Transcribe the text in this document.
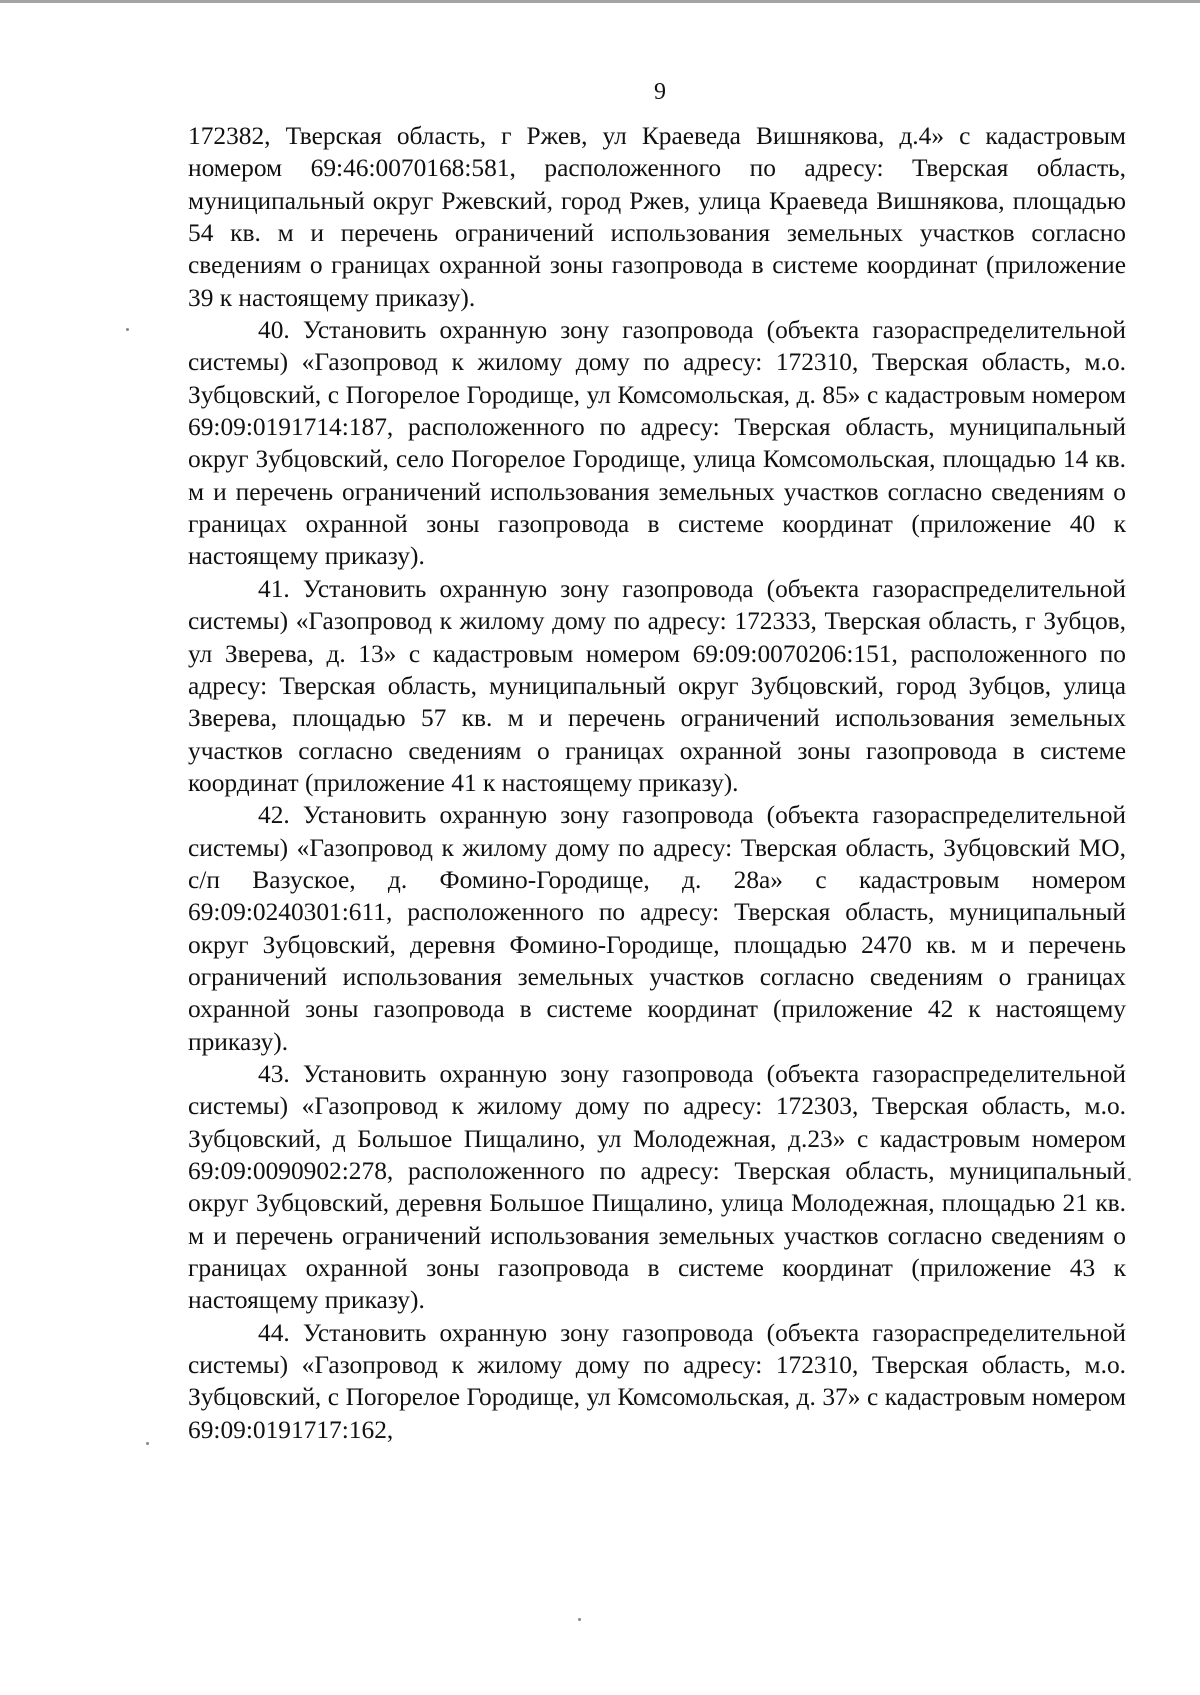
9

172382, Тверская область, г Ржев, ул Краеведа Вишнякова, д.4» с кадастровым номером 69:46:0070168:581, расположенного по адресу: Тверская область, муниципальный округ Ржевский, город Ржев, улица Краеведа Вишнякова, площадью 54 кв. м и перечень ограничений использования земельных участков согласно сведениям о границах охранной зоны газопровода в системе координат (приложение 39 к настоящему приказу).

40. Установить охранную зону газопровода (объекта газораспределительной системы) «Газопровод к жилому дому по адресу: 172310, Тверская область, м.о. Зубцовский, с Погорелое Городище, ул Комсомольская, д. 85» с кадастровым номером 69:09:0191714:187, расположенного по адресу: Тверская область, муниципальный округ Зубцовский, село Погорелое Городище, улица Комсомольская, площадью 14 кв. м и перечень ограничений использования земельных участков согласно сведениям о границах охранной зоны газопровода в системе координат (приложение 40 к настоящему приказу).

41. Установить охранную зону газопровода (объекта газораспределительной системы) «Газопровод к жилому дому по адресу: 172333, Тверская область, г Зубцов, ул Зверева, д. 13» с кадастровым номером 69:09:0070206:151, расположенного по адресу: Тверская область, муниципальный округ Зубцовский, город Зубцов, улица Зверева, площадью 57 кв. м и перечень ограничений использования земельных участков согласно сведениям о границах охранной зоны газопровода в системе координат (приложение 41 к настоящему приказу).

42. Установить охранную зону газопровода (объекта газораспределительной системы) «Газопровод к жилому дому по адресу: Тверская область, Зубцовский МО, с/п Вазуское, д. Фомино-Городище, д. 28а» с кадастровым номером 69:09:0240301:611, расположенного по адресу: Тверская область, муниципальный округ Зубцовский, деревня Фомино-Городище, площадью 2470 кв. м и перечень ограничений использования земельных участков согласно сведениям о границах охранной зоны газопровода в системе координат (приложение 42 к настоящему приказу).

43. Установить охранную зону газопровода (объекта газораспределительной системы) «Газопровод к жилому дому по адресу: 172303, Тверская область, м.о. Зубцовский, д Большое Пищалино, ул Молодежная, д.23» с кадастровым номером 69:09:0090902:278, расположенного по адресу: Тверская область, муниципальный округ Зубцовский, деревня Большое Пищалино, улица Молодежная, площадью 21 кв. м и перечень ограничений использования земельных участков согласно сведениям о границах охранной зоны газопровода в системе координат (приложение 43 к настоящему приказу).

44. Установить охранную зону газопровода (объекта газораспределительной системы) «Газопровод к жилому дому по адресу: 172310, Тверская область, м.о. Зубцовский, с Погорелое Городище, ул Комсомольская, д. 37» с кадастровым номером 69:09:0191717:162,
